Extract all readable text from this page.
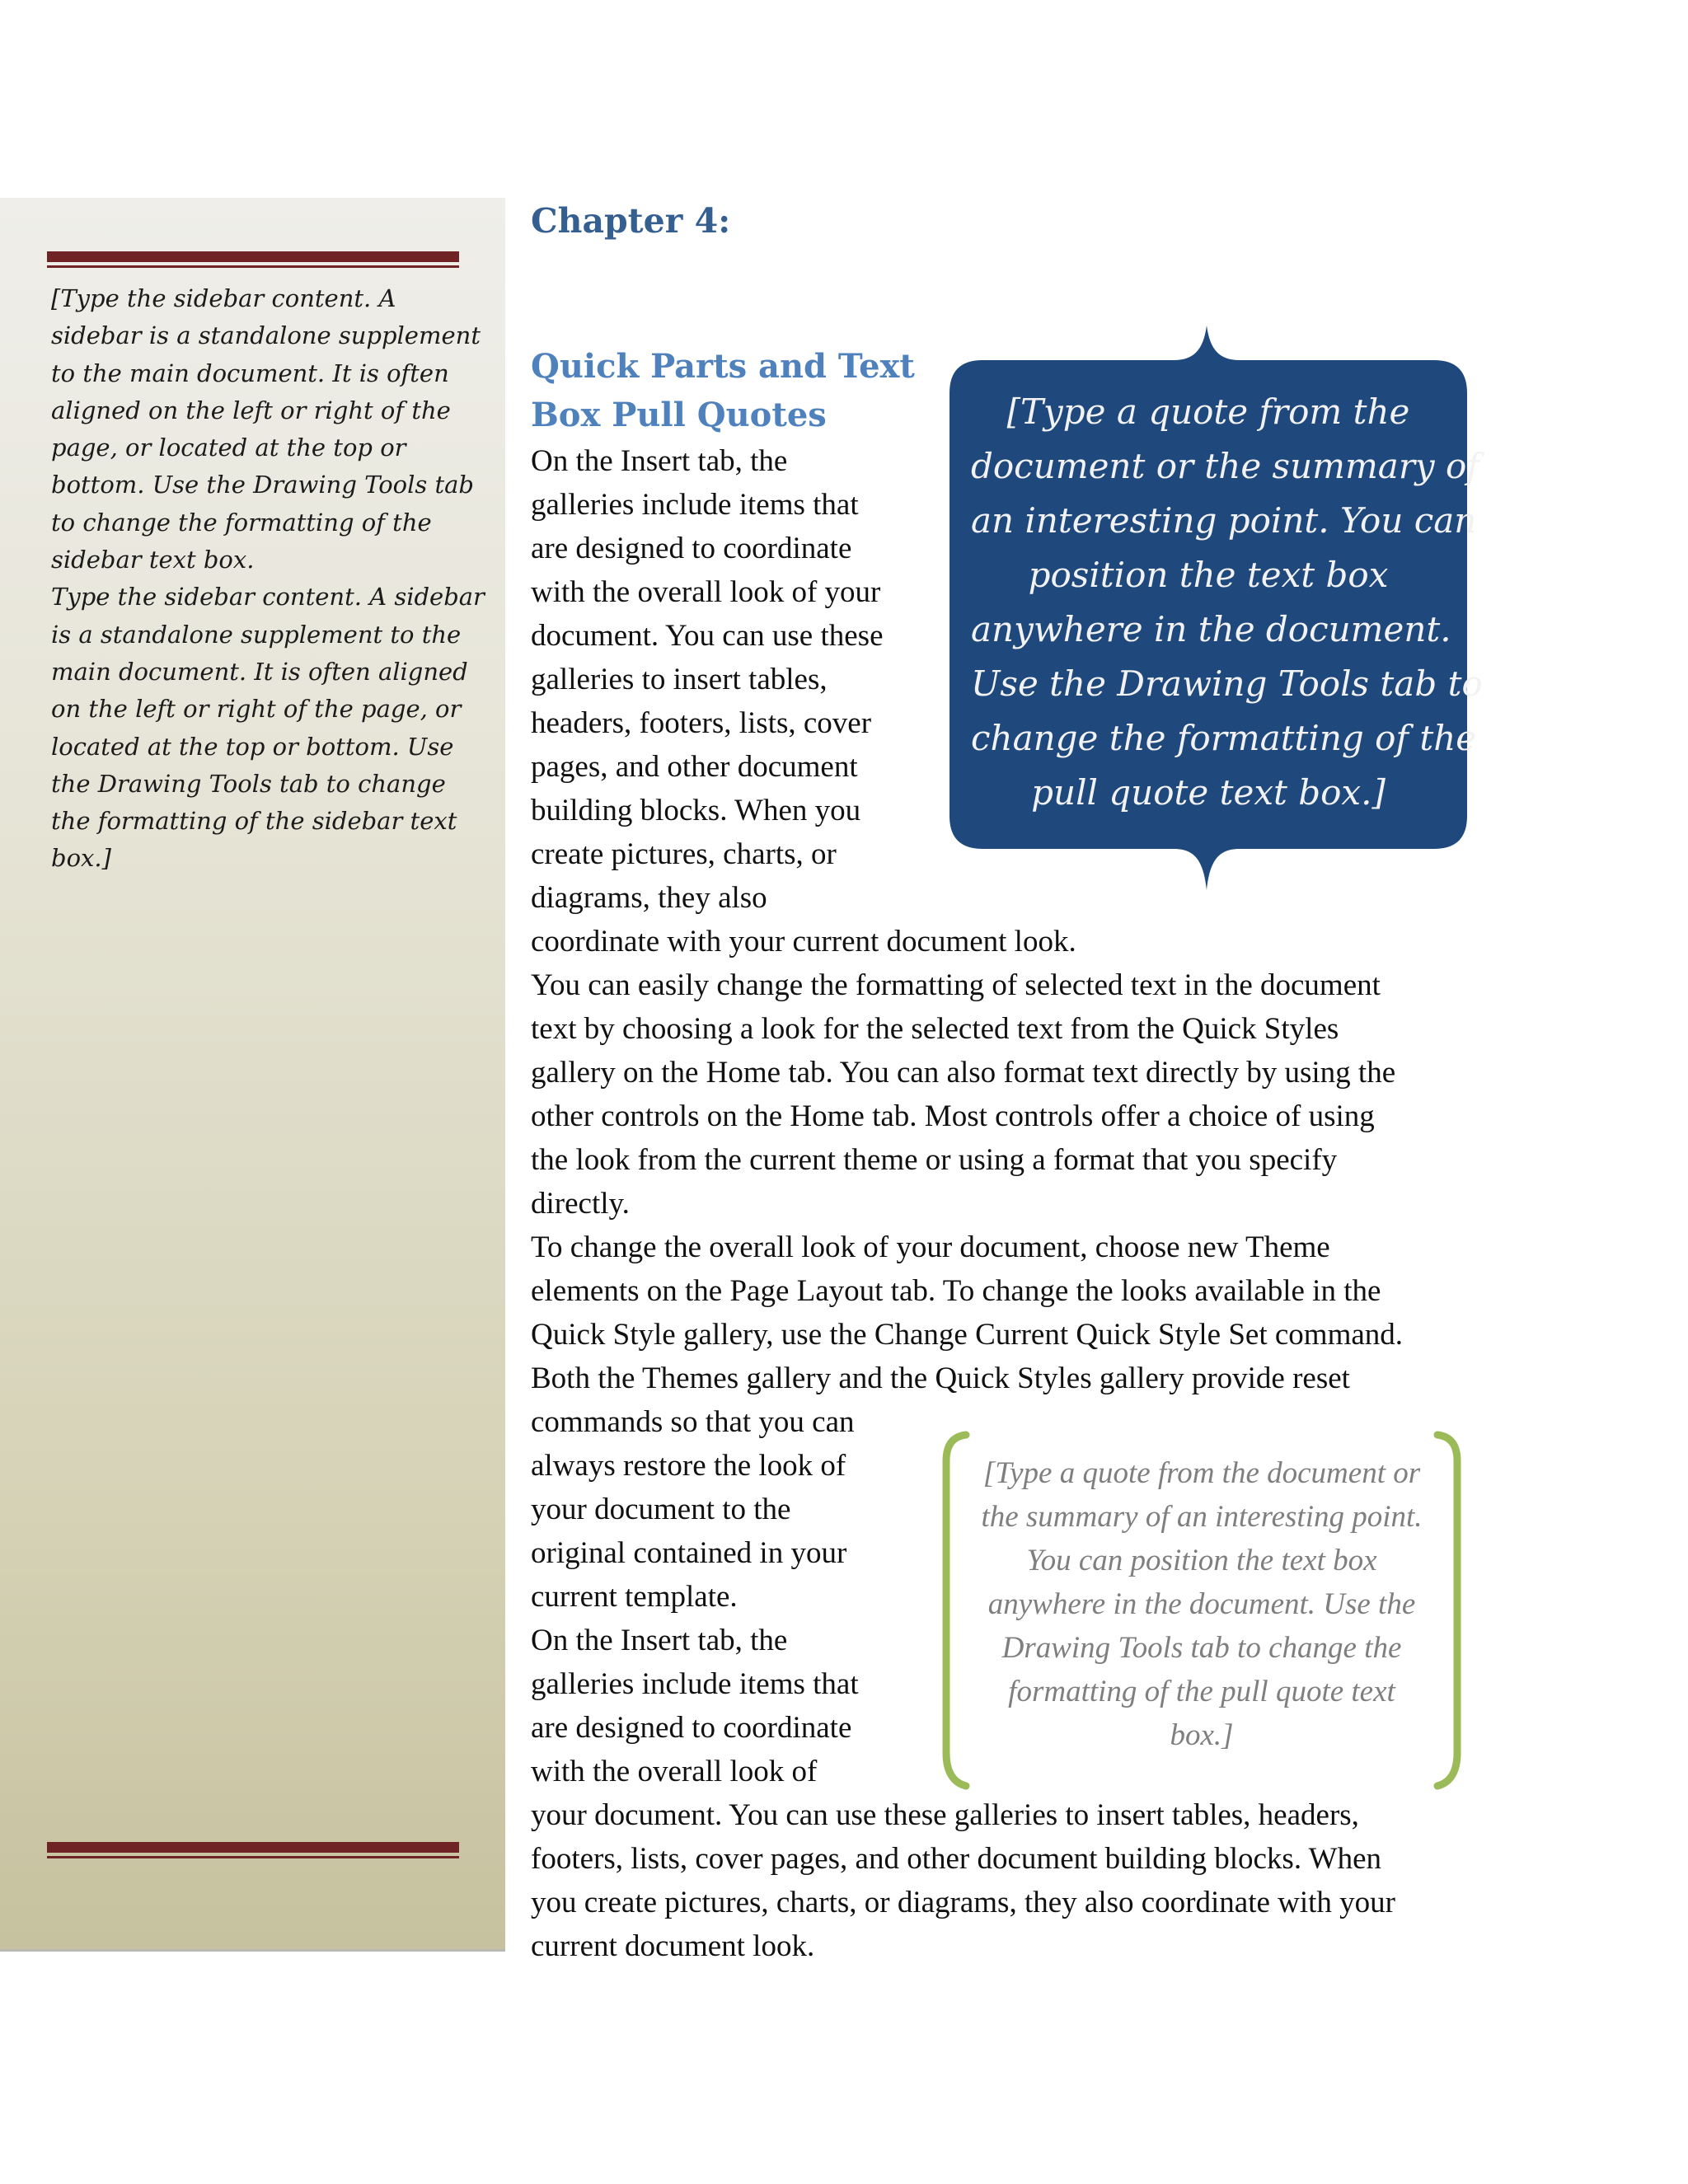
[Type the sidebar content. A
sidebar is a standalone supplement
to the main document. It is often
aligned on the left or right of the
page, or located at the top or
bottom. Use the Drawing Tools tab
to change the formatting of the
sidebar text box.
Type the sidebar content. A sidebar
is a standalone supplement to the
main document. It is often aligned
on the left or right of the page, or
located at the top or bottom. Use
the Drawing Tools tab to change
the formatting of the sidebar text
box.]

Chapter 4:
Quick Parts and Text
Box Pull Quotes

On the Insert tab, the
galleries include items that
are designed to coordinate
with the overall look of your
document. You can use these
galleries to insert tables,
headers, footers, lists, cover
pages, and other document
building blocks. When you
create pictures, charts, or
diagrams, they also
coordinate with your current document look.

You can easily change the formatting of selected text in the document
text by choosing a look for the selected text from the Quick Styles
gallery on the Home tab. You can also format text directly by using the
other controls on the Home tab. Most controls offer a choice of using
the look from the current theme or using a format that you specify
directly.

To change the overall look of your document, choose new Theme
elements on the Page Layout tab. To change the looks available in the
Quick Style gallery, use the Change Current Quick Style Set command.
Both the Themes gallery and the Quick Styles gallery provide reset
commands so that you can
always restore the look of
your document to the
original contained in your
current template.

On the Insert tab, the
galleries include items that
are designed to coordinate
with the overall look of
your document. You can use these galleries to insert tables, headers,
footers, lists, cover pages, and other document building blocks. When
you create pictures, charts, or diagrams, they also coordinate with your
current document look.

[Type a quote from the
document or the summary of
an interesting point. You can
position the text box
anywhere in the document.
Use the Drawing Tools tab to
change the formatting of the
pull quote text box.]
[Type a quote from the document or
the summary of an interesting point.
You can position the text box
anywhere in the document. Use the
Drawing Tools tab to change the
formatting of the pull quote text
box.]
